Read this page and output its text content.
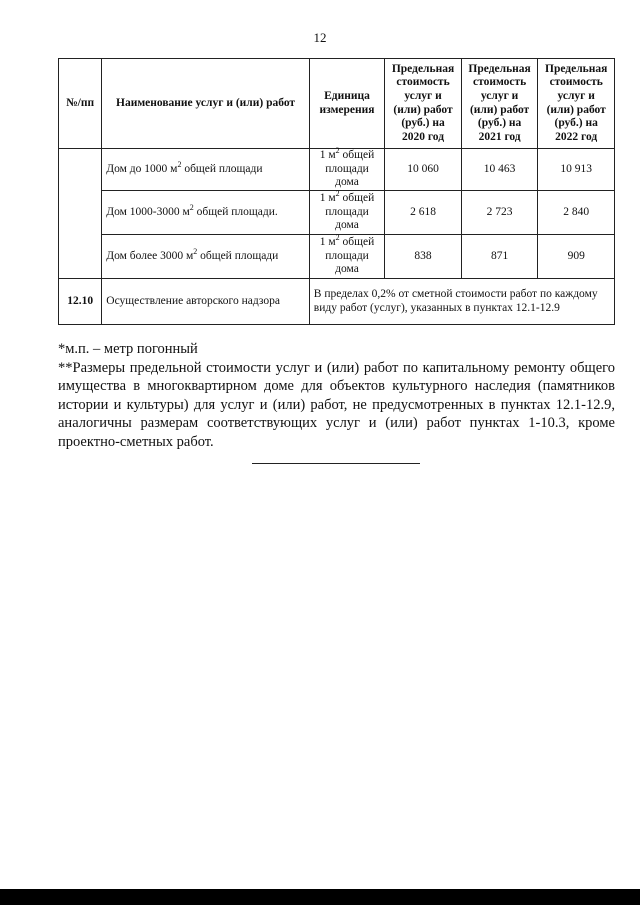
12
№/пп	Наименование услуг и (или) работ	Единица измерения	Предельная стоимость услуг и (или) работ (руб.) на 2020 год	Предельная стоимость услуг и (или) работ (руб.) на 2021 год	Предельная стоимость услуг и (или) работ (руб.) на 2022 год
	Дом до 1000 $м^2$ общей площади	1 $м^2$ общей площади дома	10 060	10 463	10 913
	Дом 1000-3000 $м^2$ общей площади.	1 $м^2$ общей площади дома	2 618	2 723	2 840
	Дом более 3000 $м^2$ общей площади	1 $м^2$ общей площади дома	838	871	909
12.10	Осуществление авторского надзора	В пределах 0,2% от сметной стоимости работ по каждому виду работ (услуг), указанных в пунктах 12.1-12.9			

*м.п. – метр погонный

**Размеры предельной стоимости услуг и (или) работ по капитальному ремонту общего имущества в многоквартирном доме для объектов культурного наследия (памятников истории и культуры) для услуг и (или) работ, не предусмотренных в пунктах 12.1-12.9, аналогичны размерам соответствующих услуг и (или) работ пунктах 1-10.3, кроме проектно-сметных работ.
